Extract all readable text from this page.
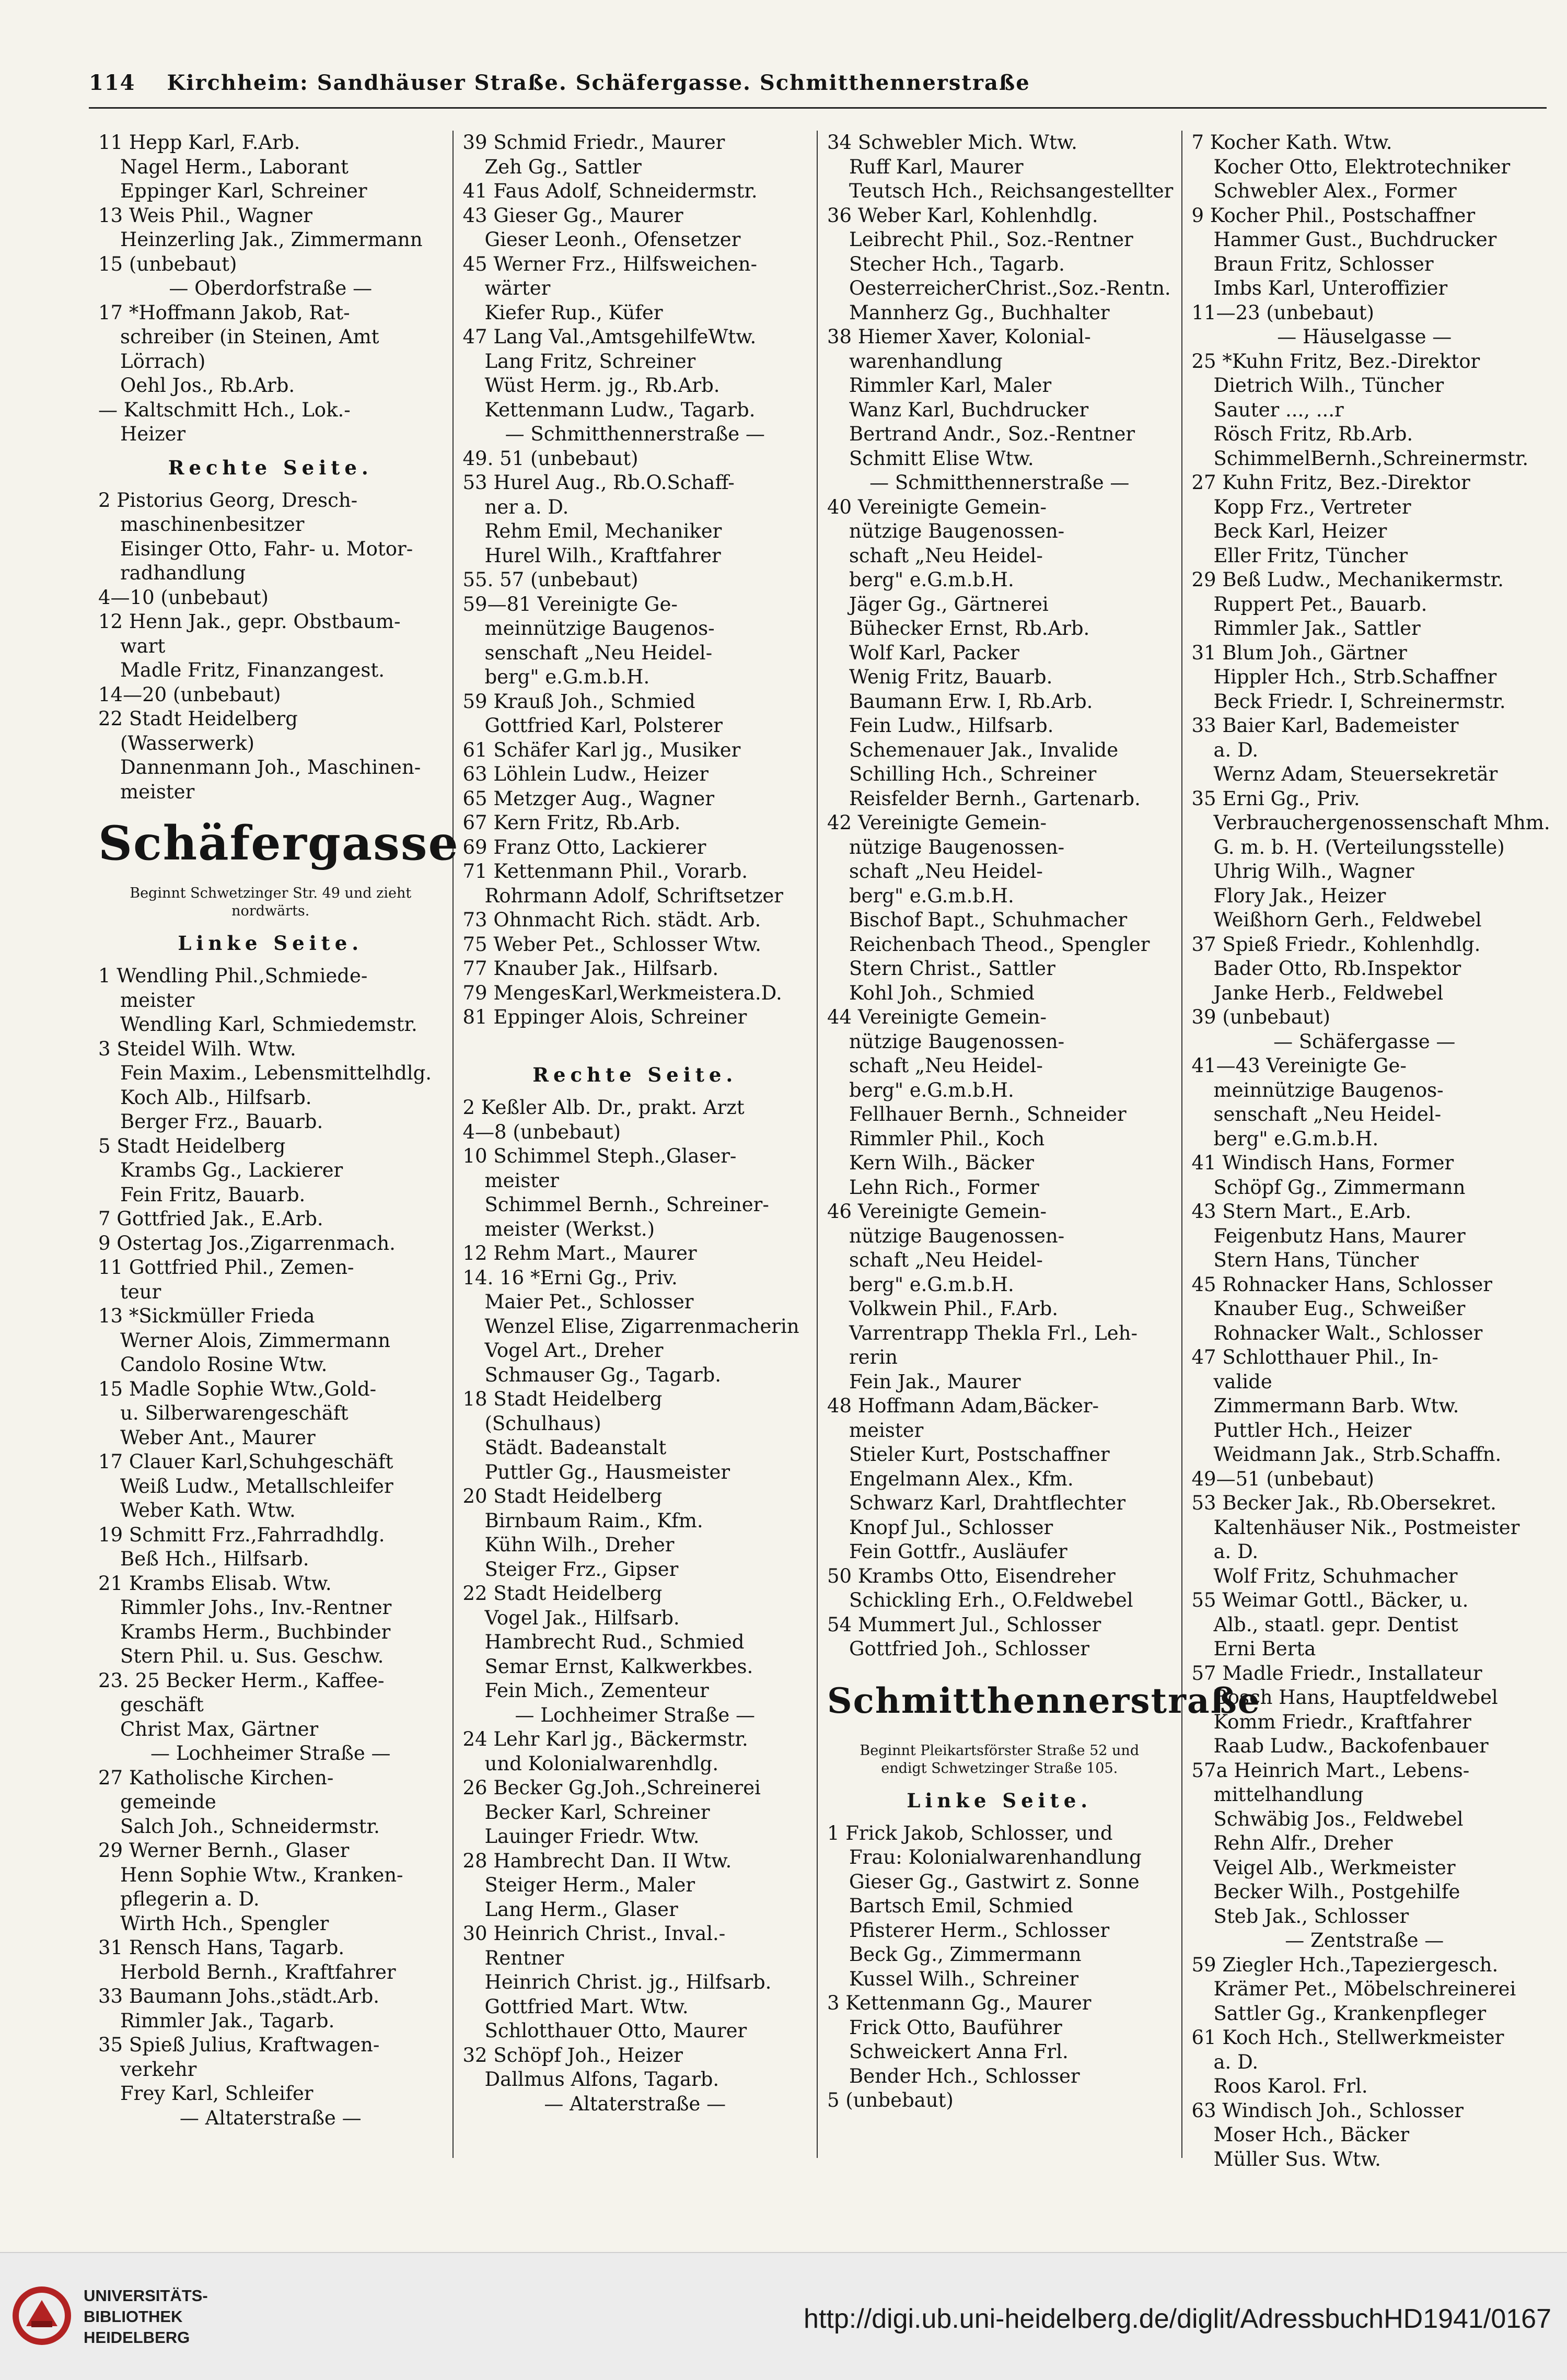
114 Kirchheim: Sandhäuser Straße. Schäfergasse. Schmitthennerstraße
11 Hepp Karl, F.Arb.
Nagel Herm., Laborant
Eppinger Karl, Schreiner
13 Weis Phil., Wagner
Heinzerling Jak., Zimmermann
15 (unbebaut)
— Oberdorfstraße —
17 *Hoffmann Jakob, Rat-
schreiber (in Steinen, Amt
Lörrach)
Oehl Jos., Rb.Arb.
— Kaltschmitt Hch., Lok.-
Heizer
Rechte Seite.
2 Pistorius Georg, Dresch-
maschinenbesitzer
Eisinger Otto, Fahr- u. Motor-
radhandlung
4—10 (unbebaut)
12 Henn Jak., gepr. Obstbaum-
wart
Madle Fritz, Finanzangest.
14—20 (unbebaut)
22 Stadt Heidelberg
(Wasserwerk)
Dannenmann Joh., Maschinen-
meister
Schäfergasse
Beginnt Schwetzinger Str. 49 und zieht nordwärts.
Linke Seite.
1 Wendling Phil.,Schmiede-
meister
Wendling Karl, Schmiedemstr.
3 Steidel Wilh. Wtw.
Fein Maxim., Lebensmittelhdlg.
Koch Alb., Hilfsarb.
Berger Frz., Bauarb.
5 Stadt Heidelberg
Krambs Gg., Lackierer
Fein Fritz, Bauarb.
7 Gottfried Jak., E.Arb.
9 Ostertag Jos.,Zigarrenmach.
11 Gottfried Phil., Zemen-
teur
13 *Sickmüller Frieda
Werner Alois, Zimmermann
Candolo Rosine Wtw.
15 Madle Sophie Wtw.,Gold-
u. Silberwarengeschäft
Weber Ant., Maurer
17 Clauer Karl,Schuhgeschäft
Weiß Ludw., Metallschleifer
Weber Kath. Wtw.
19 Schmitt Frz.,Fahrradhdlg.
Beß Hch., Hilfsarb.
21 Krambs Elisab. Wtw.
Rimmler Johs., Inv.-Rentner
Krambs Herm., Buchbinder
Stern Phil. u. Sus. Geschw.
23. 25 Becker Herm., Kaffee-
geschäft
Christ Max, Gärtner
— Lochheimer Straße —
27 Katholische Kirchen-
gemeinde
Salch Joh., Schneidermstr.
29 Werner Bernh., Glaser
Henn Sophie Wtw., Kranken-
pflegerin a. D.
Wirth Hch., Spengler
31 Rensch Hans, Tagarb.
Herbold Bernh., Kraftfahrer
33 Baumann Johs.,städt.Arb.
Rimmler Jak., Tagarb.
35 Spieß Julius, Kraftwagen-
verkehr
Frey Karl, Schleifer
— Altaterstraße —
39 Schmid Friedr., Maurer
Zeh Gg., Sattler
41 Faus Adolf, Schneidermstr.
43 Gieser Gg., Maurer
Gieser Leonh., Ofensetzer
45 Werner Frz., Hilfsweichen-
wärter
Kiefer Rup., Küfer
47 Lang Val.,AmtsgehilfeWtw.
Lang Fritz, Schreiner
Wüst Herm. jg., Rb.Arb.
Kettenmann Ludw., Tagarb.
— Schmitthennerstraße —
49. 51 (unbebaut)
53 Hurel Aug., Rb.O.Schaff-
ner a. D.
Rehm Emil, Mechaniker
Hurel Wilh., Kraftfahrer
55. 57 (unbebaut)
59—81 Vereinigte Ge-
meinnützige Baugenos-
senschaft „Neu Heidel-
berg" e.G.m.b.H.
59 Krauß Joh., Schmied
Gottfried Karl, Polsterer
61 Schäfer Karl jg., Musiker
63 Löhlein Ludw., Heizer
65 Metzger Aug., Wagner
67 Kern Fritz, Rb.Arb.
69 Franz Otto, Lackierer
71 Kettenmann Phil., Vorarb.
Rohrmann Adolf, Schriftsetzer
73 Ohnmacht Rich. städt. Arb.
75 Weber Pet., Schlosser Wtw.
77 Knauber Jak., Hilfsarb.
79 MengesKarl,Werkmeistera.D.
81 Eppinger Alois, Schreiner
Rechte Seite.
2 Keßler Alb. Dr., prakt. Arzt
4—8 (unbebaut)
10 Schimmel Steph.,Glaser-
meister
Schimmel Bernh., Schreiner-
meister (Werkst.)
12 Rehm Mart., Maurer
14. 16 *Erni Gg., Priv.
Maier Pet., Schlosser
Wenzel Elise, Zigarrenmacherin
Vogel Art., Dreher
Schmauser Gg., Tagarb.
18 Stadt Heidelberg
(Schulhaus)
Städt. Badeanstalt
Puttler Gg., Hausmeister
20 Stadt Heidelberg
Birnbaum Raim., Kfm.
Kühn Wilh., Dreher
Steiger Frz., Gipser
22 Stadt Heidelberg
Vogel Jak., Hilfsarb.
Hambrecht Rud., Schmied
Semar Ernst, Kalkwerkbes.
Fein Mich., Zementeur
— Lochheimer Straße —
24 Lehr Karl jg., Bäckermstr.
und Kolonialwarenhdlg.
26 Becker Gg.Joh.,Schreinerei
Becker Karl, Schreiner
Lauinger Friedr. Wtw.
28 Hambrecht Dan. II Wtw.
Steiger Herm., Maler
Lang Herm., Glaser
30 Heinrich Christ., Inval.-
Rentner
Heinrich Christ. jg., Hilfsarb.
Gottfried Mart. Wtw.
Schlotthauer Otto, Maurer
32 Schöpf Joh., Heizer
Dallmus Alfons, Tagarb.
— Altaterstraße —
34 Schwebler Mich. Wtw.
Ruff Karl, Maurer
Teutsch Hch., Reichsangestellter
36 Weber Karl, Kohlenhdlg.
Leibrecht Phil., Soz.-Rentner
Stecher Hch., Tagarb.
OesterreicherChrist.,Soz.-Rentn.
Mannherz Gg., Buchhalter
38 Hiemer Xaver, Kolonial-
warenhandlung
Rimmler Karl, Maler
Wanz Karl, Buchdrucker
Bertrand Andr., Soz.-Rentner
Schmitt Elise Wtw.
— Schmitthennerstraße —
40 Vereinigte Gemein-
nützige Baugenossen-
schaft „Neu Heidel-
berg" e.G.m.b.H.
Jäger Gg., Gärtnerei
Bühecker Ernst, Rb.Arb.
Wolf Karl, Packer
Wenig Fritz, Bauarb.
Baumann Erw. I, Rb.Arb.
Fein Ludw., Hilfsarb.
Schemenauer Jak., Invalide
Schilling Hch., Schreiner
Reisfelder Bernh., Gartenarb.
42 Vereinigte Gemein-
nützige Baugenossen-
schaft „Neu Heidel-
berg" e.G.m.b.H.
Bischof Bapt., Schuhmacher
Reichenbach Theod., Spengler
Stern Christ., Sattler
Kohl Joh., Schmied
44 Vereinigte Gemein-
nützige Baugenossen-
schaft „Neu Heidel-
berg" e.G.m.b.H.
Fellhauer Bernh., Schneider
Rimmler Phil., Koch
Kern Wilh., Bäcker
Lehn Rich., Former
46 Vereinigte Gemein-
nützige Baugenossen-
schaft „Neu Heidel-
berg" e.G.m.b.H.
Volkwein Phil., F.Arb.
Varrentrapp Thekla Frl., Leh-
rerin
Fein Jak., Maurer
48 Hoffmann Adam,Bäcker-
meister
Stieler Kurt, Postschaffner
Engelmann Alex., Kfm.
Schwarz Karl, Drahtflechter
Knopf Jul., Schlosser
Fein Gottfr., Ausläufer
50 Krambs Otto, Eisendreher
Schickling Erh., O.Feldwebel
54 Mummert Jul., Schlosser
Gottfried Joh., Schlosser
Schmitthennerstraße
Beginnt Pleikartsförster Straße 52 und endigt Schwetzinger Straße 105.
Linke Seite.
1 Frick Jakob, Schlosser, und
Frau: Kolonialwarenhandlung
Gieser Gg., Gastwirt z. Sonne
Bartsch Emil, Schmied
Pfisterer Herm., Schlosser
Beck Gg., Zimmermann
Kussel Wilh., Schreiner
3 Kettenmann Gg., Maurer
Frick Otto, Bauführer
Schweickert Anna Frl.
Bender Hch., Schlosser
5 (unbebaut)
7 Kocher Kath. Wtw.
Kocher Otto, Elektrotechniker
Schwebler Alex., Former
9 Kocher Phil., Postschaffner
Hammer Gust., Buchdrucker
Braun Fritz, Schlosser
Imbs Karl, Unteroffizier
11—23 (unbebaut)
— Häuselgasse —
25 *Kuhn Fritz, Bez.-Direktor
Dietrich Wilh., Tüncher
Sauter ..., ...r
Rösch Fritz, Rb.Arb.
SchimmelBernh.,Schreinermstr.
27 Kuhn Fritz, Bez.-Direktor
Kopp Frz., Vertreter
Beck Karl, Heizer
Eller Fritz, Tüncher
29 Beß Ludw., Mechanikermstr.
Ruppert Pet., Bauarb.
Rimmler Jak., Sattler
31 Blum Joh., Gärtner
Hippler Hch., Strb.Schaffner
Beck Friedr. I, Schreinermstr.
33 Baier Karl, Bademeister
a. D.
Wernz Adam, Steuersekretär
35 Erni Gg., Priv.
Verbrauchergenossenschaft Mhm.
G. m. b. H. (Verteilungsstelle)
Uhrig Wilh., Wagner
Flory Jak., Heizer
Weißhorn Gerh., Feldwebel
37 Spieß Friedr., Kohlenhdlg.
Bader Otto, Rb.Inspektor
Janke Herb., Feldwebel
39 (unbebaut)
— Schäfergasse —
41—43 Vereinigte Ge-
meinnützige Baugenos-
senschaft „Neu Heidel-
berg" e.G.m.b.H.
41 Windisch Hans, Former
Schöpf Gg., Zimmermann
43 Stern Mart., E.Arb.
Feigenbutz Hans, Maurer
Stern Hans, Tüncher
45 Rohnacker Hans, Schlosser
Knauber Eug., Schweißer
Rohnacker Walt., Schlosser
47 Schlotthauer Phil., In-
valide
Zimmermann Barb. Wtw.
Puttler Hch., Heizer
Weidmann Jak., Strb.Schaffn.
49—51 (unbebaut)
53 Becker Jak., Rb.Obersekret.
Kaltenhäuser Nik., Postmeister
a. D.
Wolf Fritz, Schuhmacher
55 Weimar Gottl., Bäcker, u.
Alb., staatl. gepr. Dentist
Erni Berta
57 Madle Friedr., Installateur
Bosch Hans, Hauptfeldwebel
Komm Friedr., Kraftfahrer
Raab Ludw., Backofenbauer
57a Heinrich Mart., Lebens-
mittelhandlung
Schwäbig Jos., Feldwebel
Rehn Alfr., Dreher
Veigel Alb., Werkmeister
Becker Wilh., Postgehilfe
Steb Jak., Schlosser
— Zentstraße —
59 Ziegler Hch.,Tapeziergesch.
Krämer Pet., Möbelschreinerei
Sattler Gg., Krankenpfleger
61 Koch Hch., Stellwerkmeister
a. D.
Roos Karol. Frl.
63 Windisch Joh., Schlosser
Moser Hch., Bäcker
Müller Sus. Wtw.
UNIVERSITÄTS-
BIBLIOTHEK
HEIDELBERG
http://digi.ub.uni-heidelberg.de/diglit/AdressbuchHD1941/0167
